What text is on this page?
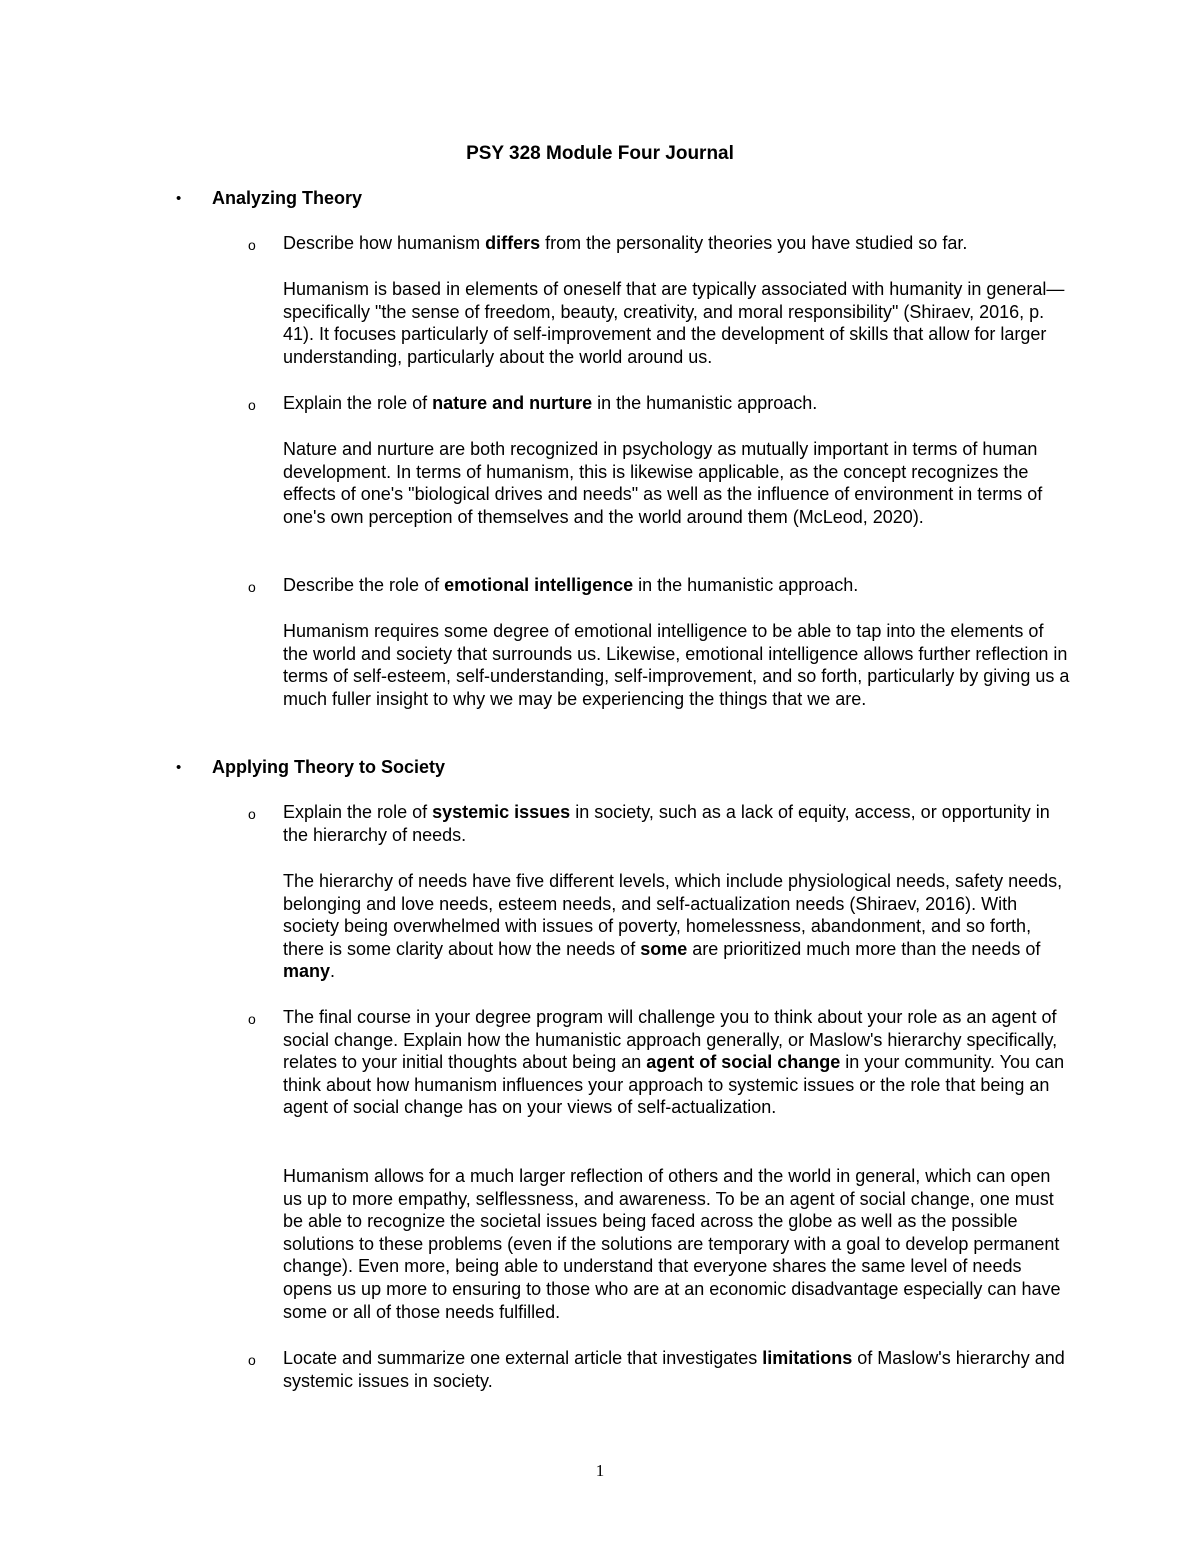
PSY 328 Module Four Journal
• Analyzing Theory
o Describe how humanism differs from the personality theories you have studied so far.
Humanism is based in elements of oneself that are typically associated with humanity in general—specifically "the sense of freedom, beauty, creativity, and moral responsibility" (Shiraev, 2016, p. 41). It focuses particularly of self-improvement and the development of skills that allow for larger understanding, particularly about the world around us.
o Explain the role of nature and nurture in the humanistic approach.
Nature and nurture are both recognized in psychology as mutually important in terms of human development. In terms of humanism, this is likewise applicable, as the concept recognizes the effects of one's "biological drives and needs" as well as the influence of environment in terms of one's own perception of themselves and the world around them (McLeod, 2020).
o Describe the role of emotional intelligence in the humanistic approach.
Humanism requires some degree of emotional intelligence to be able to tap into the elements of the world and society that surrounds us. Likewise, emotional intelligence allows further reflection in terms of self-esteem, self-understanding, self-improvement, and so forth, particularly by giving us a much fuller insight to why we may be experiencing the things that we are.
• Applying Theory to Society
o Explain the role of systemic issues in society, such as a lack of equity, access, or opportunity in the hierarchy of needs.
The hierarchy of needs have five different levels, which include physiological needs, safety needs, belonging and love needs, esteem needs, and self-actualization needs (Shiraev, 2016). With society being overwhelmed with issues of poverty, homelessness, abandonment, and so forth, there is some clarity about how the needs of some are prioritized much more than the needs of many.
o The final course in your degree program will challenge you to think about your role as an agent of social change. Explain how the humanistic approach generally, or Maslow's hierarchy specifically, relates to your initial thoughts about being an agent of social change in your community. You can think about how humanism influences your approach to systemic issues or the role that being an agent of social change has on your views of self-actualization.
Humanism allows for a much larger reflection of others and the world in general, which can open us up to more empathy, selflessness, and awareness. To be an agent of social change, one must be able to recognize the societal issues being faced across the globe as well as the possible solutions to these problems (even if the solutions are temporary with a goal to develop permanent change). Even more, being able to understand that everyone shares the same level of needs opens us up more to ensuring to those who are at an economic disadvantage especially can have some or all of those needs fulfilled.
o Locate and summarize one external article that investigates limitations of Maslow's hierarchy and systemic issues in society.
1
